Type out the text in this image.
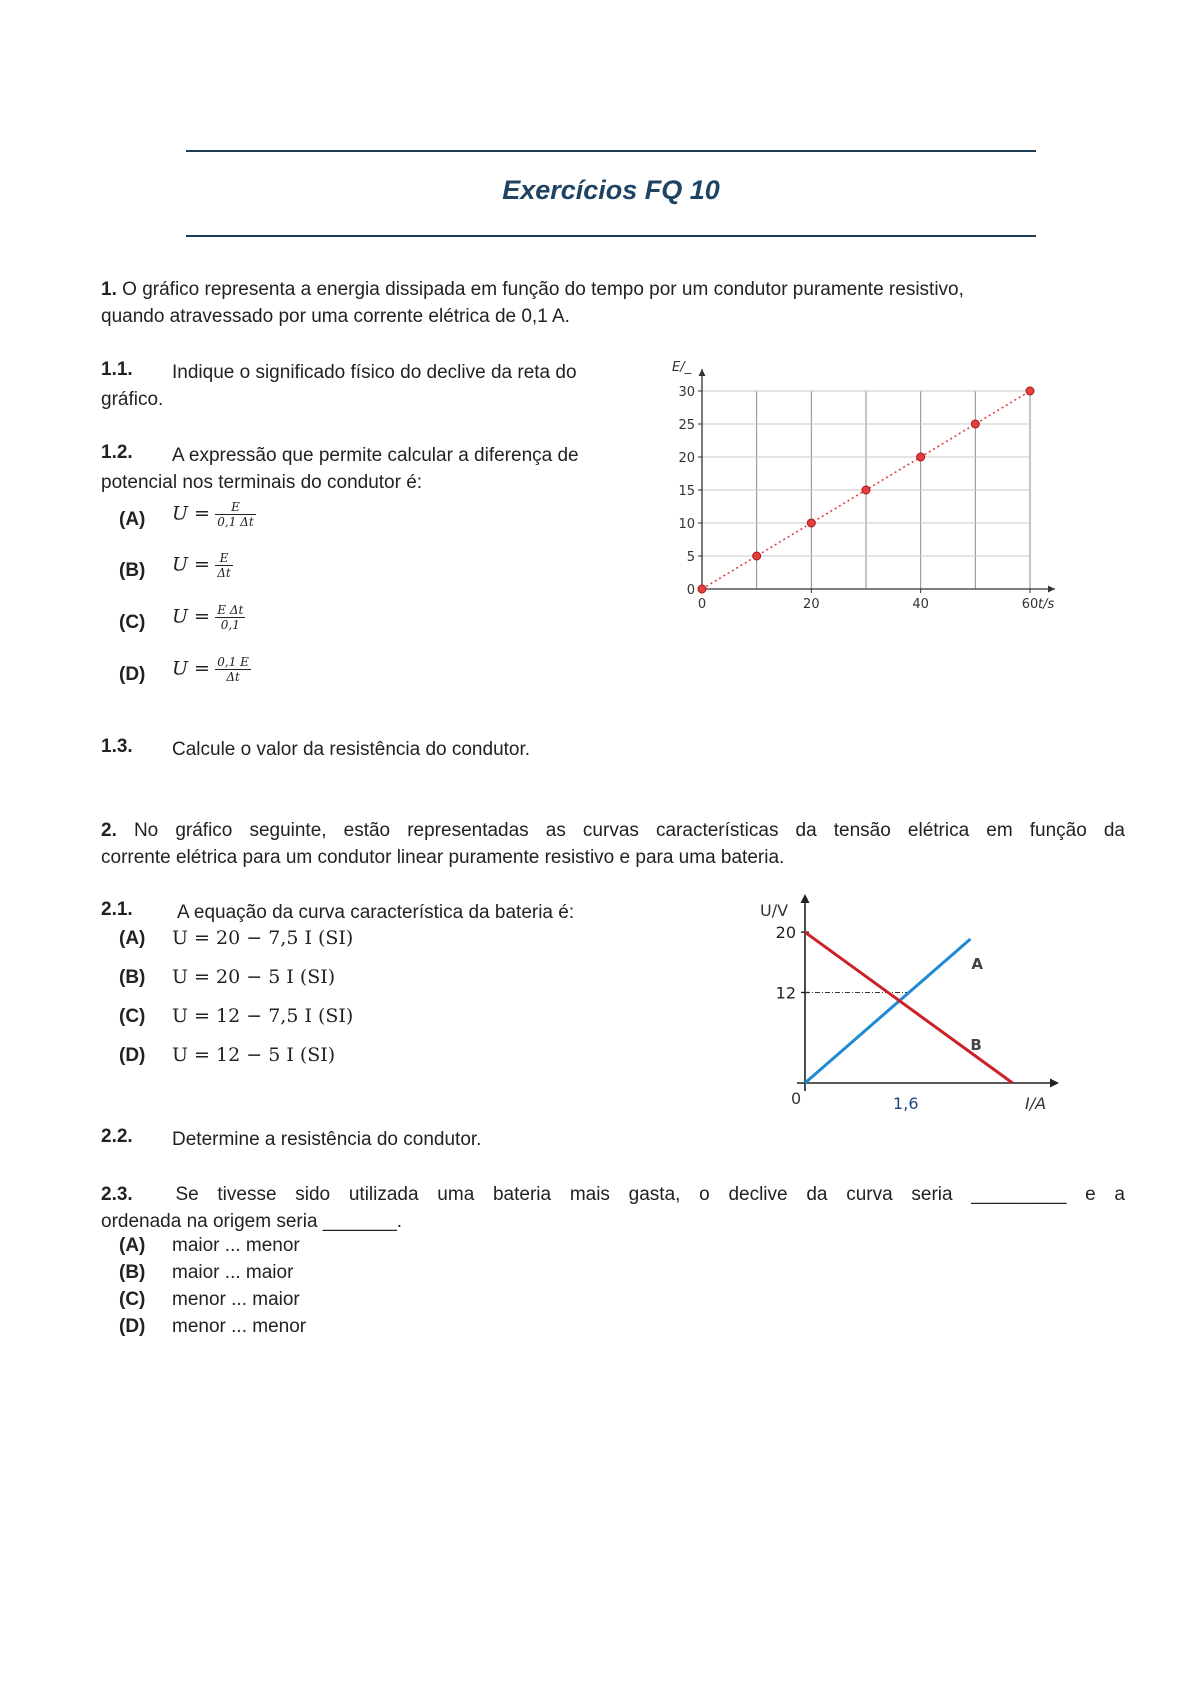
Exercícios FQ 10
1. O gráfico representa a energia dissipada em função do tempo por um condutor puramente resistivo,
quando atravessado por uma corrente elétrica de 0,1 A.
1.1. Indique o significado físico do declive da reta do
gráfico.
1.2. A expressão que permite calcular a diferença de
potencial nos terminais do condutor é:
(A) $U = \frac{E}{0,1 \Delta t}$
(B) $U = \frac{E}{\Delta t}$
(C) $U = \frac{\text{E Δt}}{0,1}$
(D) $U = \frac{0,1 E}{\Delta t}$
1.3. Calcule o valor da resistência do condutor.
0
5
10
15
20
25
30
0	20	40	60
E/_
t/s
2. No gráfico seguinte, estão representadas as curvas características da tensão elétrica em função da
corrente elétrica para um condutor linear puramente resistivo e para uma bateria.
2.1. A equação da curva característica da bateria é:
(A) U = 20 − 7,5 I (SI)
(B) U = 20 − 5 I (SI)
(C) U = 12 − 7,5 I (SI)
(D) U = 12 − 5 I (SI)
2.2. Determine a resistência do condutor.
2.3. Se tivesse sido utilizada uma bateria mais gasta, o declive da curva seria _________ e a
ordenada na origem seria _______.
(A) maior ... menor
(B) maior ... maior
(C) menor ... maior
(D) menor ... menor
U/V
I/A
0
20
12
1,6
A
B
